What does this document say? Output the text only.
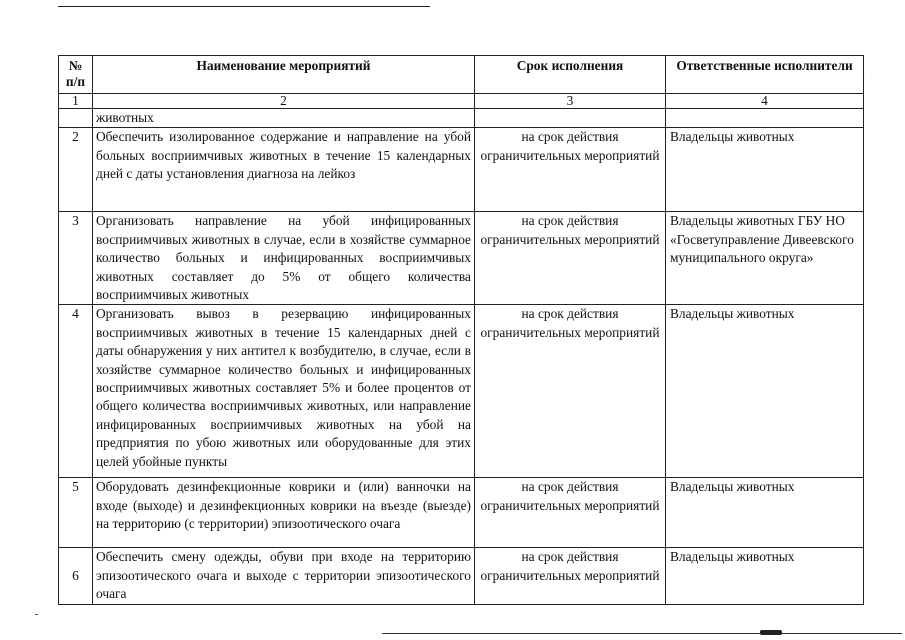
:
№ п/п	Наименование мероприятий	Срок исполнения	Ответственные исполнители
1	2	3	4
	животных		
2	Обеспечить изолированное содержание и направление на убой больных восприимчивых животных в течение 15 календарных дней с даты установления диагноза на лейкоз	на срок действия ограничительных мероприятий	Владельцы животных
3	Организовать направление на убой инфицированных восприимчивых животных в случае, если в хозяйстве суммарное количество больных и инфицированных восприимчивых животных составляет до 5% от общего количества восприимчивых животных	на срок действия ограничительных мероприятий	Владельцы животных ГБУ НО «Госветуправление Дивеевского муниципального округа»
4	Организовать вывоз в резервацию инфицированных восприимчивых животных в течение 15 календарных дней с даты обнаружения у них антител к возбудителю, в случае, если в хозяйстве суммарное количество больных и инфицированных восприимчивых животных составляет 5% и более процентов от общего количества восприимчивых животных, или направление инфицированных восприимчивых животных на убой на предприятия по убою животных или оборудованные для этих целей убойные пункты	на срок действия ограничительных мероприятий	Владельцы животных
5	Оборудовать дезинфекционные коврики и (или) ванночки на входе (выходе) и дезинфекционных коврики на въезде (выезде) на территорию (с территории) эпизоотического очага	на срок действия ограничительных мероприятий	Владельцы животных
6	Обеспечить смену одежды, обуви при входе на территорию эпизоотического очага и выходе с территории эпизоотического очага	на срок действия ограничительных мероприятий	Владельцы животных
